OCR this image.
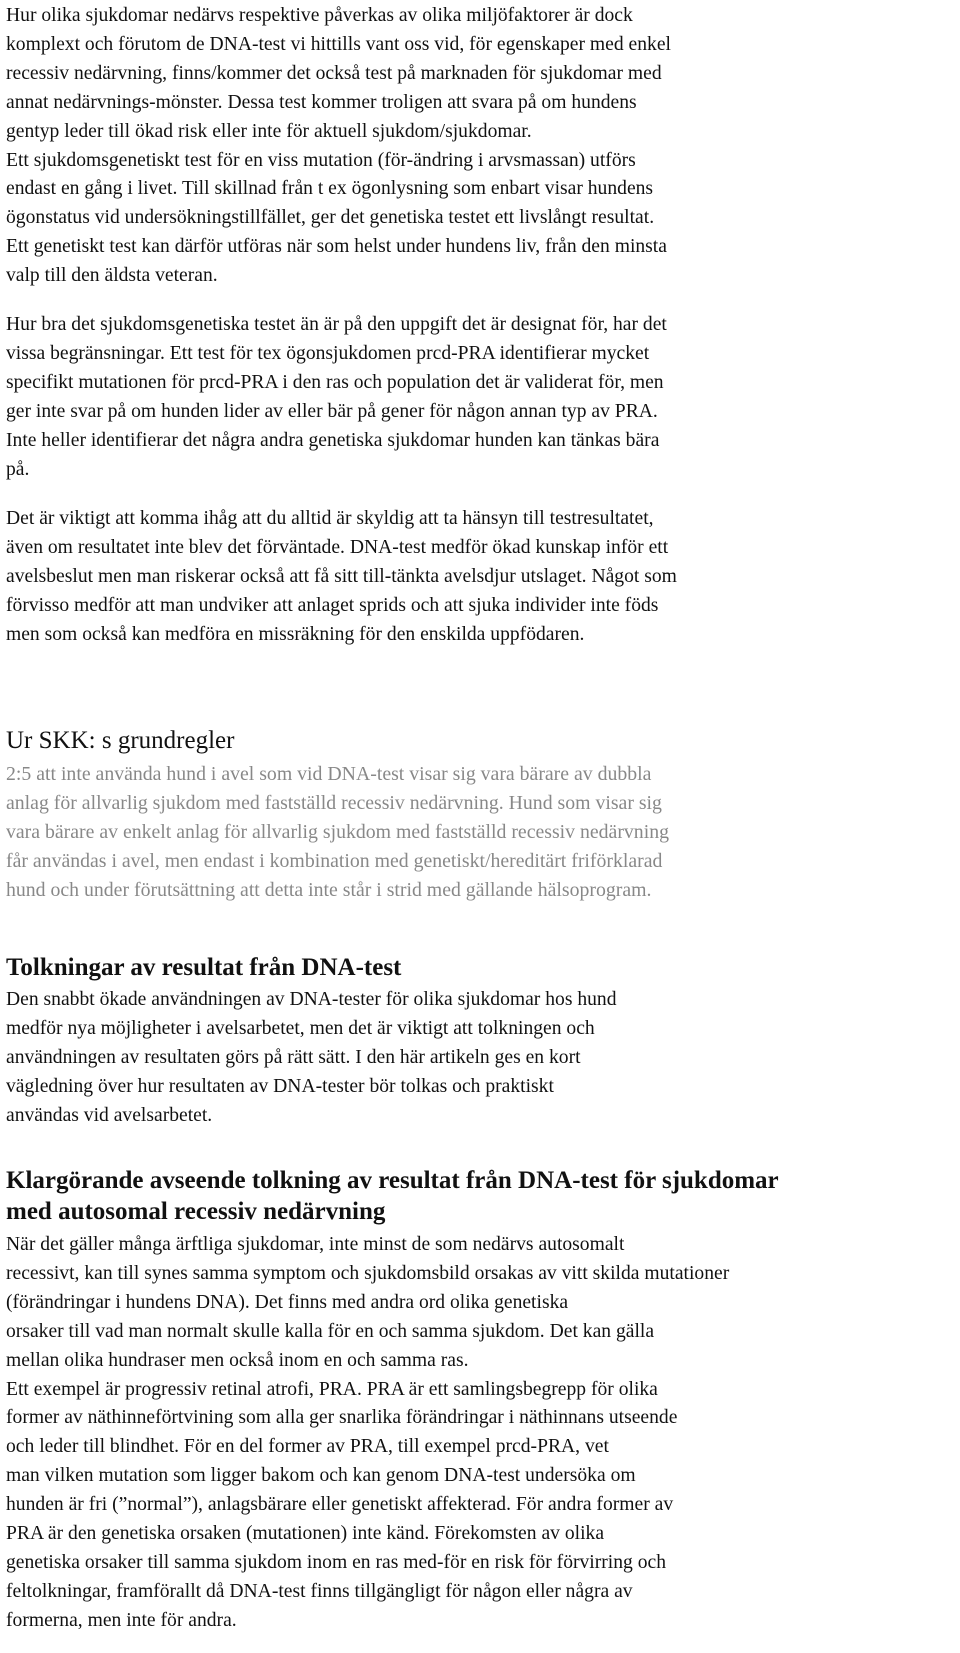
Hur olika sjukdomar nedärvs respektive påverkas av olika miljöfaktorer är dock
komplext och förutom de DNA-test vi hittills vant oss vid, för egenskaper med enkel
recessiv nedärvning, finns/kommer det också test på marknaden för sjukdomar med
annat nedärvnings-mönster. Dessa test kommer troligen att svara på om hundens
gentyp leder till ökad risk eller inte för aktuell sjukdom/sjukdomar.
Ett sjukdomsgenetiskt test för en viss mutation (för-ändring i arvsmassan) utförs
endast en gång i livet. Till skillnad från t ex ögonlysning som enbart visar hundens
ögonstatus vid undersökningstillfället, ger det genetiska testet ett livslångt resultat.
Ett genetiskt test kan därför utföras när som helst under hundens liv, från den minsta
valp till den äldsta veteran.
Hur bra det sjukdomsgenetiska testet än är på den uppgift det är designat för, har det
vissa begränsningar. Ett test för tex ögonsjukdomen prcd-PRA identifierar mycket
specifikt mutationen för prcd-PRA i den ras och population det är validerat för, men
ger inte svar på om hunden lider av eller bär på gener för någon annan typ av PRA.
Inte heller identifierar det några andra genetiska sjukdomar hunden kan tänkas bära
på.
Det är viktigt att komma ihåg att du alltid är skyldig att ta hänsyn till testresultatet,
även om resultatet inte blev det förväntade. DNA-test medför ökad kunskap inför ett
avelsbeslut men man riskerar också att få sitt till-tänkta avelsdjur utslaget. Något som
förvisso medför att man undviker att anlaget sprids och att sjuka individer inte föds
men som också kan medföra en missräkning för den enskilda uppfödaren.
Ur SKK: s grundregler
2:5 att inte använda hund i avel som vid DNA-test visar sig vara bärare av dubbla
anlag för allvarlig sjukdom med fastställd recessiv nedärvning. Hund som visar sig
vara bärare av enkelt anlag för allvarlig sjukdom med fastställd recessiv nedärvning
får användas i avel, men endast i kombination med genetiskt/hereditärt friförklarad
hund och under förutsättning att detta inte står i strid med gällande hälsoprogram.
Tolkningar av resultat från DNA-test
Den snabbt ökade användningen av DNA-tester för olika sjukdomar hos hund
medför nya möjligheter i avelsarbetet, men det är viktigt att tolkningen och
användningen av resultaten görs på rätt sätt. I den här artikeln ges en kort
vägledning över hur resultaten av DNA-tester bör tolkas och praktiskt
användas vid avelsarbetet.
Klargörande avseende tolkning av resultat från DNA-test för sjukdomar
med autosomal recessiv nedärvning
När det gäller många ärftliga sjukdomar, inte minst de som nedärvs autosomalt
recessivt, kan till synes samma symptom och sjukdomsbild orsakas av vitt skilda mutationer
(förändringar i hundens DNA). Det finns med andra ord olika genetiska
orsaker till vad man normalt skulle kalla för en och samma sjukdom. Det kan gälla
mellan olika hundraser men också inom en och samma ras.
Ett exempel är progressiv retinal atrofi, PRA. PRA är ett samlingsbegrepp för olika
former av näthinneförtvining som alla ger snarlika förändringar i näthinnans utseende
och leder till blindhet. För en del former av PRA, till exempel prcd-PRA, vet
man vilken mutation som ligger bakom och kan genom DNA-test undersöka om
hunden är fri (”normal”), anlagsbärare eller genetiskt affekterad. För andra former av
PRA är den genetiska orsaken (mutationen) inte känd. Förekomsten av olika
genetiska orsaker till samma sjukdom inom en ras med-för en risk för förvirring och
feltolkningar, framförallt då DNA-test finns tillgängligt för någon eller några av
formerna, men inte för andra.
